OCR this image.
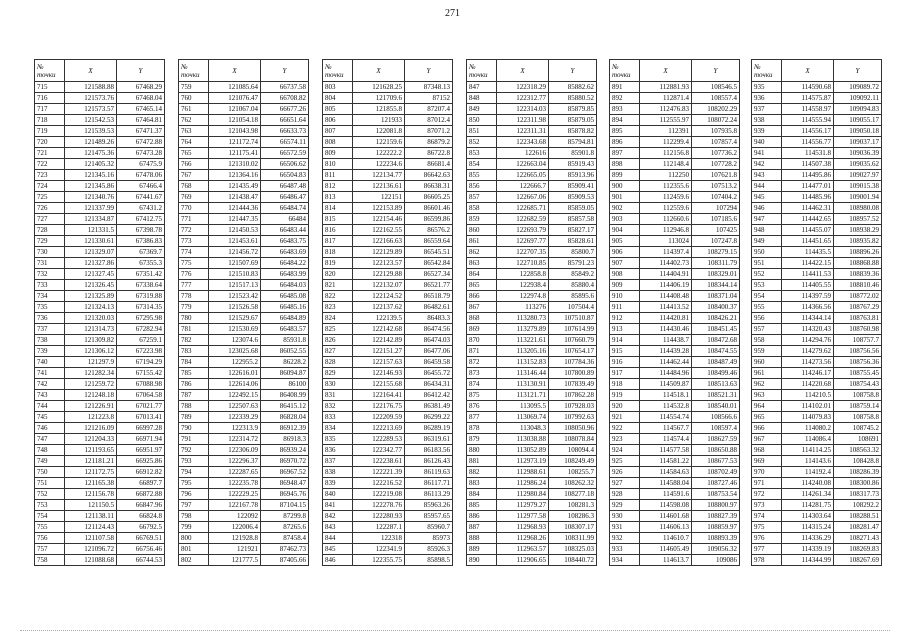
271
№
точки	X	Y
715	121588.88	67468.29
716	121573.76	67468.04
717	121573.57	67465.14
718	121542.53	67464.81
719	121539.53	67471.37
720	121489.26	67472.88
721	121475.36	67473.28
722	121405.32	67475.9
723	121345.16	67478.06
724	121345.86	67466.4
725	121340.76	67441.67
726	121337.99	67431.2
727	121334.87	67412.75
728	121331.5	67398.78
729	121330.61	67386.83
730	121329.07	67369.7
731	121327.86	67355.3
732	121327.45	67351.42
733	121326.45	67338.64
734	121325.89	67319.88
735	121324.13	67314.35
736	121320.03	67295.98
737	121314.73	67282.94
738	121309.82	67259.1
739	121306.12	67223.98
740	121297.9	67194.29
741	121282.34	67155.42
742	121259.72	67088.98
743	121248.18	67064.58
744	121226.91	67021.77
745	121223.8	67013.41
746	121216.09	66997.28
747	121204.33	66971.94
748	121193.65	66951.97
749	121181.21	66925.86
750	121172.75	66912.82
751	121165.38	66897.7
752	121156.78	66872.88
753	121150.5	66847.96
754	121138.11	66824.8
755	121124.43	66792.5
756	121107.58	66769.51
757	121096.72	66756.46
758	121088.68	66744.53
№
точки	X	Y
759	121085.64	66737.58
760	121076.47	66708.82
761	121067.04	66677.26
762	121054.18	66651.64
763	121043.98	66633.73
764	121172.74	66574.11
765	121175.41	66572.59
766	121310.02	66506.62
767	121364.16	66504.83
768	121435.49	66487.48
769	121438.47	66486.47
770	121444.36	66484.74
771	121447.35	66484
772	121450.53	66483.44
773	121453.61	66483.75
774	121456.72	66483.69
775	121507.69	66484.22
776	121510.83	66483.99
777	121517.13	66484.03
778	121523.42	66485.08
779	121526.58	66485.16
780	121529.67	66484.89
781	121530.69	66483.57
782	123074.6	85931.8
783	123025.68	86052.55
784	122955.2	86228.2
785	122616.01	86094.87
786	122614.06	86100
787	122492.15	86408.99
788	122507.63	86415.12
789	122339.29	86828.04
790	122313.9	86912.39
791	122314.72	86918.3
792	122306.09	86939.24
793	122296.37	86970.72
794	122287.65	86967.52
795	122235.78	86948.47
796	122229.25	86945.76
797	122167.78	87104.15
798	122092	87299.8
799	122006.4	87265.6
800	121928.8	87458.4
801	121921	87462.73
802	121777.5	87405.66
№
точки	X	Y
803	121628.25	87348.13
804	121709.6	87152
805	121855.8	87207.4
806	121933	87012.4
807	122081.8	87071.2
808	122159.6	86879.2
809	122222.2	86722.8
810	122234.6	86681.4
811	122134.77	86642.63
812	122136.61	86638.31
813	122151	86605.25
814	122153.89	86601.46
815	122154.46	86599.86
816	122162.55	86576.2
817	122166.63	86559.64
818	122129.89	86545.51
819	122123.57	86542.84
820	122129.88	86527.34
821	122132.07	86521.77
822	122124.52	86518.79
823	122137.62	86482.61
824	122139.5	86483.3
825	122142.68	86474.56
826	122142.89	86474.03
827	122151.27	86477.06
828	122157.63	86459.58
829	122146.93	86455.72
830	122155.68	86434.31
831	122164.41	86412.42
832	122176.75	86381.49
833	122209.59	86299.22
834	122213.69	86289.19
835	122289.53	86319.61
836	122342.77	86183.56
837	122238.61	86126.43
838	122221.39	86119.63
839	122216.52	86117.71
840	122219.08	86113.29
841	122278.76	85963.26
842	122280.93	85957.65
843	122287.1	85960.7
844	122318	85973
845	122341.9	85926.3
846	122355.75	85898.5
№
точки	X	Y
847	122318.29	85882.62
848	122312.77	85880.52
849	122314.03	85879.85
850	122311.98	85879.05
851	122311.31	85878.82
852	122343.68	85794.81
853	122616	85901.8
854	122663.04	85919.43
855	122665.05	85913.96
856	122666.7	85909.41
857	122667.06	85909.53
858	122685.71	85859.05
859	122682.59	85857.58
860	122693.79	85827.17
861	122697.77	85828.61
862	122707.35	85800.7
863	122710.85	85791.23
864	122858.8	85849.2
865	122938.4	85880.4
866	122974.8	85895.6
867	113276	107504.4
868	113280.73	107510.87
869	113279.89	107614.99
870	113221.61	107660.79
871	113205.16	107654.17
872	113152.83	107784.36
873	113146.44	107800.89
874	113130.91	107839.49
875	113121.71	107862.28
876	113095.5	107928.03
877	113069.74	107992.63
878	113048.3	108050.96
879	113038.88	108078.84
880	113052.89	108094.4
881	112973.19	108249.49
882	112988.61	108255.7
883	112986.24	108262.32
884	112980.84	108277.18
885	112979.27	108281.3
886	112977.58	108286.3
887	112968.93	108307.17
888	112968.26	108311.99
889	112963.57	108325.03
890	112906.65	108440.72
№
точки	X	Y
891	112881.93	108546.5
892	112871.4	108557.4
893	112476.83	108202.29
894	112555.97	108072.24
895	112391	107935.8
896	112299.4	107857.4
897	112156.8	107736.2
898	112148.4	107728.2
899	112250	107621.8
900	112355.6	107513.2
901	112459.6	107404.2
902	112559.6	107294
903	112660.6	107185.6
904	112946.8	107425
905	113024	107247.8
906	114397.4	108279.15
907	114402.73	108311.79
908	114404.91	108329.01
909	114406.19	108344.14
910	114408.48	108371.04
911	114413.52	108400.37
912	114420.81	108426.21
913	114430.46	108451.45
914	114438.7	108472.68
915	114439.28	108474.55
916	114462.44	108487.49
917	114484.96	108499.46
918	114509.87	108513.63
919	114518.1	108521.31
920	114532.8	108540.01
921	114554.74	108566.6
922	114567.7	108597.4
923	114574.4	108627.59
924	114577.58	108650.88
925	114581.22	108677.53
926	114584.63	108702.49
927	114588.04	108727.46
928	114591.6	108753.54
929	114598.08	108800.97
930	114601.68	108827.39
931	114606.13	108859.97
932	114610.7	108893.39
933	114605.49	109056.32
934	114613.7	109086
№
точки	X	Y
935	114590.68	109089.72
936	114575.87	109092.11
937	114558.97	109094.83
938	114555.94	109055.17
939	114556.17	109050.18
940	114556.77	109037.17
941	114531.8	109036.39
942	114507.38	109035.62
943	114495.86	109027.97
944	114477.01	109015.38
945	114485.96	109001.94
946	114462.31	108980.08
947	114442.65	108957.52
948	114455.07	108938.29
949	114451.65	108935.82
950	114435.5	108896.26
951	114422.15	108868.88
952	114411.53	108839.36
953	114405.55	108810.46
954	114397.59	108772.02
955	114366.56	108767.29
956	114344.14	108763.81
957	114320.43	108760.98
958	114294.76	108757.7
959	114279.62	108756.56
960	114273.56	108756.36
961	114246.17	108755.45
962	114220.68	108754.43
963	114210.5	108758.8
964	114102.01	108759.14
965	114079.83	108758.8
966	114080.2	108745.2
967	114086.4	108691
968	114114.25	108563.32
969	114143.6	108428.8
970	114192.4	108286.39
971	114240.08	108300.86
972	114261.34	108317.73
973	114281.75	108292.2
974	114303.64	108288.51
975	114315.24	108281.47
976	114336.29	108271.43
977	114339.19	108269.83
978	114344.99	108267.69
